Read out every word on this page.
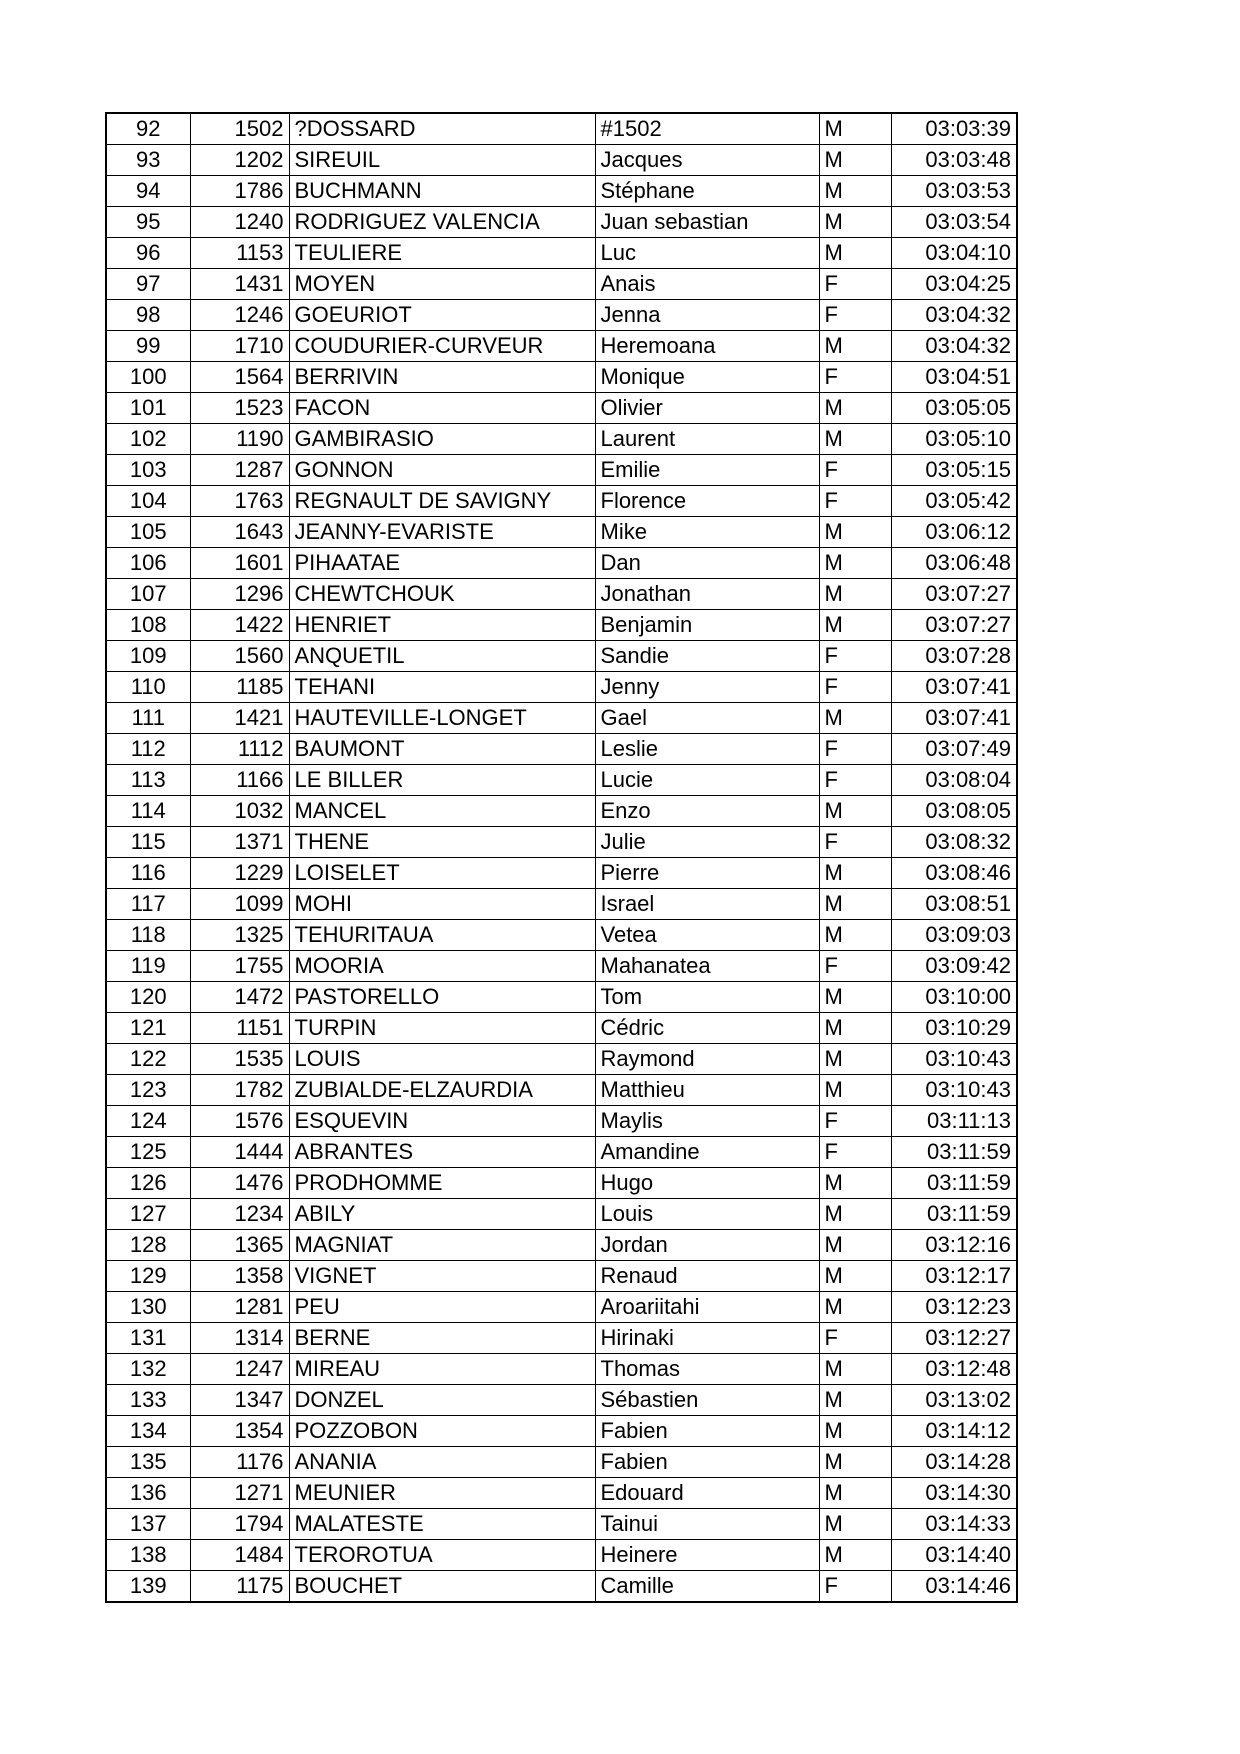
92	1502	?DOSSARD	#1502	M	03:03:39
93	1202	SIREUIL	Jacques	M	03:03:48
94	1786	BUCHMANN	Stéphane	M	03:03:53
95	1240	RODRIGUEZ VALENCIA	Juan sebastian	M	03:03:54
96	1153	TEULIERE	Luc	M	03:04:10
97	1431	MOYEN	Anais	F	03:04:25
98	1246	GOEURIOT	Jenna	F	03:04:32
99	1710	COUDURIER-CURVEUR	Heremoana	M	03:04:32
100	1564	BERRIVIN	Monique	F	03:04:51
101	1523	FACON	Olivier	M	03:05:05
102	1190	GAMBIRASIO	Laurent	M	03:05:10
103	1287	GONNON	Emilie	F	03:05:15
104	1763	REGNAULT DE SAVIGNY	Florence	F	03:05:42
105	1643	JEANNY-EVARISTE	Mike	M	03:06:12
106	1601	PIHAATAE	Dan	M	03:06:48
107	1296	CHEWTCHOUK	Jonathan	M	03:07:27
108	1422	HENRIET	Benjamin	M	03:07:27
109	1560	ANQUETIL	Sandie	F	03:07:28
110	1185	TEHANI	Jenny	F	03:07:41
111	1421	HAUTEVILLE-LONGET	Gael	M	03:07:41
112	1112	BAUMONT	Leslie	F	03:07:49
113	1166	LE BILLER	Lucie	F	03:08:04
114	1032	MANCEL	Enzo	M	03:08:05
115	1371	THENE	Julie	F	03:08:32
116	1229	LOISELET	Pierre	M	03:08:46
117	1099	MOHI	Israel	M	03:08:51
118	1325	TEHURITAUA	Vetea	M	03:09:03
119	1755	MOORIA	Mahanatea	F	03:09:42
120	1472	PASTORELLO	Tom	M	03:10:00
121	1151	TURPIN	Cédric	M	03:10:29
122	1535	LOUIS	Raymond	M	03:10:43
123	1782	ZUBIALDE-ELZAURDIA	Matthieu	M	03:10:43
124	1576	ESQUEVIN	Maylis	F	03:11:13
125	1444	ABRANTES	Amandine	F	03:11:59
126	1476	PRODHOMME	Hugo	M	03:11:59
127	1234	ABILY	Louis	M	03:11:59
128	1365	MAGNIAT	Jordan	M	03:12:16
129	1358	VIGNET	Renaud	M	03:12:17
130	1281	PEU	Aroariitahi	M	03:12:23
131	1314	BERNE	Hirinaki	F	03:12:27
132	1247	MIREAU	Thomas	M	03:12:48
133	1347	DONZEL	Sébastien	M	03:13:02
134	1354	POZZOBON	Fabien	M	03:14:12
135	1176	ANANIA	Fabien	M	03:14:28
136	1271	MEUNIER	Edouard	M	03:14:30
137	1794	MALATESTE	Tainui	M	03:14:33
138	1484	TEROROTUA	Heinere	M	03:14:40
139	1175	BOUCHET	Camille	F	03:14:46
